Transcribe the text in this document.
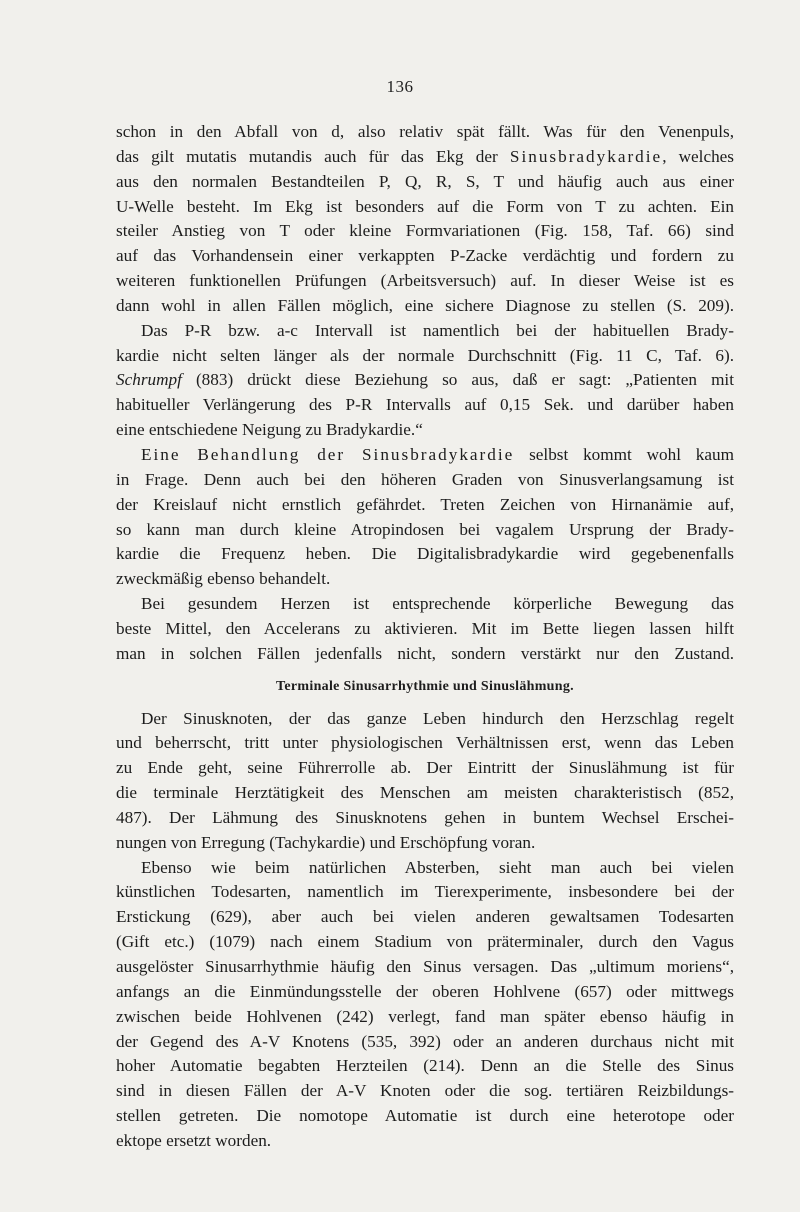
136
schon in den Abfall von d, also relativ spät fällt. Was für den Venenpuls,
das gilt mutatis mutandis auch für das Ekg der Sinusbradykardie, welches
aus den normalen Bestandteilen P, Q, R, S, T und häufig auch aus einer
U-Welle besteht. Im Ekg ist besonders auf die Form von T zu achten. Ein
steiler Anstieg von T oder kleine Formvariationen (Fig. 158, Taf. 66) sind
auf das Vorhandensein einer verkappten P-Zacke verdächtig und fordern zu
weiteren funktionellen Prüfungen (Arbeitsversuch) auf. In dieser Weise ist es
dann wohl in allen Fällen möglich, eine sichere Diagnose zu stellen (S. 209).
Das P-R bzw. a-c Intervall ist namentlich bei der habituellen Brady-
kardie nicht selten länger als der normale Durchschnitt (Fig. 11 C, Taf. 6).
Schrumpf (883) drückt diese Beziehung so aus, daß er sagt: „Patienten mit
habitueller Verlängerung des P-R Intervalls auf 0,15 Sek. und darüber haben
eine entschiedene Neigung zu Bradykardie.“
Eine Behandlung der Sinusbradykardie selbst kommt wohl kaum
in Frage. Denn auch bei den höheren Graden von Sinusverlangsamung ist
der Kreislauf nicht ernstlich gefährdet. Treten Zeichen von Hirnanämie auf,
so kann man durch kleine Atropindosen bei vagalem Ursprung der Brady-
kardie die Frequenz heben. Die Digitalisbradykardie wird gegebenenfalls
zweckmäßig ebenso behandelt.
Bei gesundem Herzen ist entsprechende körperliche Bewegung das
beste Mittel, den Accelerans zu aktivieren. Mit im Bette liegen lassen hilft
man in solchen Fällen jedenfalls nicht, sondern verstärkt nur den Zustand.
Terminale Sinusarrhythmie und Sinuslähmung.
Der Sinusknoten, der das ganze Leben hindurch den Herzschlag regelt
und beherrscht, tritt unter physiologischen Verhältnissen erst, wenn das Leben
zu Ende geht, seine Führerrolle ab. Der Eintritt der Sinuslähmung ist für
die terminale Herztätigkeit des Menschen am meisten charakteristisch (852,
487). Der Lähmung des Sinusknotens gehen in buntem Wechsel Erschei-
nungen von Erregung (Tachykardie) und Erschöpfung voran.
Ebenso wie beim natürlichen Absterben, sieht man auch bei vielen
künstlichen Todesarten, namentlich im Tierexperimente, insbesondere bei der
Erstickung (629), aber auch bei vielen anderen gewaltsamen Todesarten
(Gift etc.) (1079) nach einem Stadium von präterminaler, durch den Vagus
ausgelöster Sinusarrhythmie häufig den Sinus versagen. Das „ultimum moriens“,
anfangs an die Einmündungsstelle der oberen Hohlvene (657) oder mittwegs
zwischen beide Hohlvenen (242) verlegt, fand man später ebenso häufig in
der Gegend des A-V Knotens (535, 392) oder an anderen durchaus nicht mit
hoher Automatie begabten Herzteilen (214). Denn an die Stelle des Sinus
sind in diesen Fällen der A-V Knoten oder die sog. tertiären Reizbildungs-
stellen getreten. Die nomotope Automatie ist durch eine heterotope oder
ektope ersetzt worden.
